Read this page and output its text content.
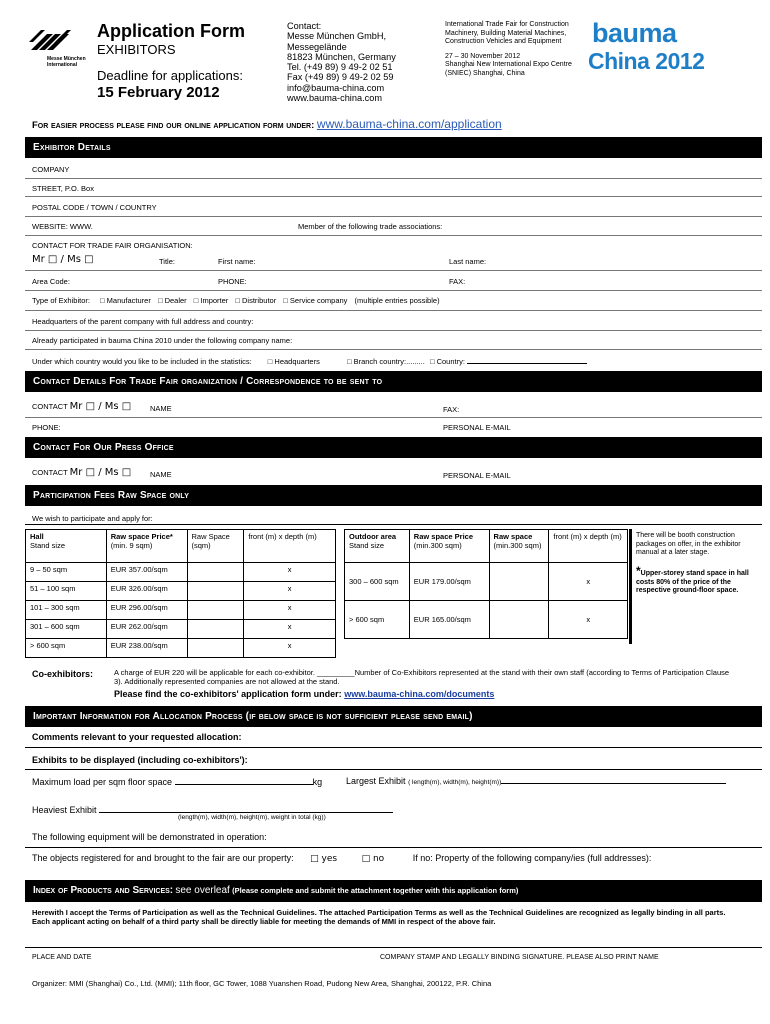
Messe München
International
Application Form
EXHIBITORS
Deadline for applications:
15 February 2012
Contact:
Messe München GmbH,
Messegelände
81823 München, Germany
Tel. (+49 89) 9 49-2 02 51
Fax (+49 89) 9 49-2 02 59
info@bauma-china.com
www.bauma-china.com
International Trade Fair for Construction
Machinery, Building Material Machines,
Construction Vehicles and Equipment
27 – 30 November 2012
Shanghai New International Expo Centre
(SNIEC) Shanghai, China
bauma
China 2012
For easier process please find our online application form under: www.bauma-china.com/application
Exhibitor Details
COMPANY
STREET, P.O. Box
POSTAL CODE / TOWN / COUNTRY
WEBSITE: WWW.	Member of the following trade associations:
CONTACT FOR TRADE FAIR ORGANISATION:
Mr □ / Ms □	Title:	First name:	Last name:
Area Code:	PHONE:	FAX:
Type of Exhibitor: □ Manufacturer □ Dealer □ Importer □ Distributor □ Service company (multiple entries possible)
Headquarters of the parent company with full address and country:
Already participated in bauma China 2010 under the following company name:
Under which country would you like to be included in the statistics: □ Headquarters	□ Branch country:......... □ Country:
Contact Details For Trade Fair organization / Correspondence to be sent to
CONTACT Mr □ / Ms □	NAME	FAX:
PHONE:	PERSONAL E-MAIL
Contact For Our Press Office
CONTACT Mr □ / Ms □	NAME	PERSONAL E-MAIL
Participation Fees Raw Space only
We wish to participate and apply for:
Hall
Stand size	Raw space Price*
(min. 9 sqm)	Raw Space
(sqm)	front (m) x depth (m)
9 – 50 sqm	EUR 357.00/sqm		x
51 – 100 sqm	EUR 326.00/sqm		x
101 – 300 sqm	EUR 296.00/sqm		x
301 – 600 sqm	EUR 262.00/sqm		x
> 600 sqm	EUR 238.00/sqm		x
Outdoor area
Stand size	Raw space Price
(min.300 sqm)	Raw space
(min.300 sqm)	front (m) x depth (m)
300 – 600 sqm	EUR 179.00/sqm		x
> 600 sqm	EUR 165.00/sqm		x
There will be booth construction packages on offer, in the exhibitor manual at a later stage.
*Upper-storey stand space in hall costs 80% of the price of the respective ground-floor space.
Co-exhibitors:	A charge of EUR 220 will be applicable for each co-exhibitor. _________Number of Co-Exhibitors represented at the stand with their own staff (according to Terms of Participation Clause
3). Additionally represented companies are not allowed at the stand.
Please find the co-exhibitors' application form under: www.bauma-china.com/documents
Important Information for Allocation Process (if below space is not sufficient please send email)
Comments relevant to your requested allocation:
Exhibits to be displayed (including co-exhibitors'):
Maximum load per sqm floor space	kg	Largest Exhibit ( length(m), width(m), height(m))
Heaviest Exhibit
(length(m), width(m), height(m), weight in total (kg))
The following equipment will be demonstrated in operation:
The objects registered for and brought to the fair are our property: □ yes	□ no	If no: Property of the following company/ies (full addresses):
Index of Products and Services: see overleaf (Please complete and submit the attachment together with this application form)
Herewith I accept the Terms of Participation as well as the Technical Guidelines. The attached Participation Terms as well as the Technical Guidelines are recognized as legally binding in all parts.
Each applicant acting on behalf of a third party shall be directly liable for meeting the demands of MMI in respect of the above fair.
PLACE AND DATE	COMPANY STAMP AND LEGALLY BINDING SIGNATURE. PLEASE ALSO PRINT NAME
Organizer: MMI (Shanghai) Co., Ltd. (MMI); 11th floor, GC Tower, 1088 Yuanshen Road, Pudong New Area, Shanghai, 200122, P.R. China
